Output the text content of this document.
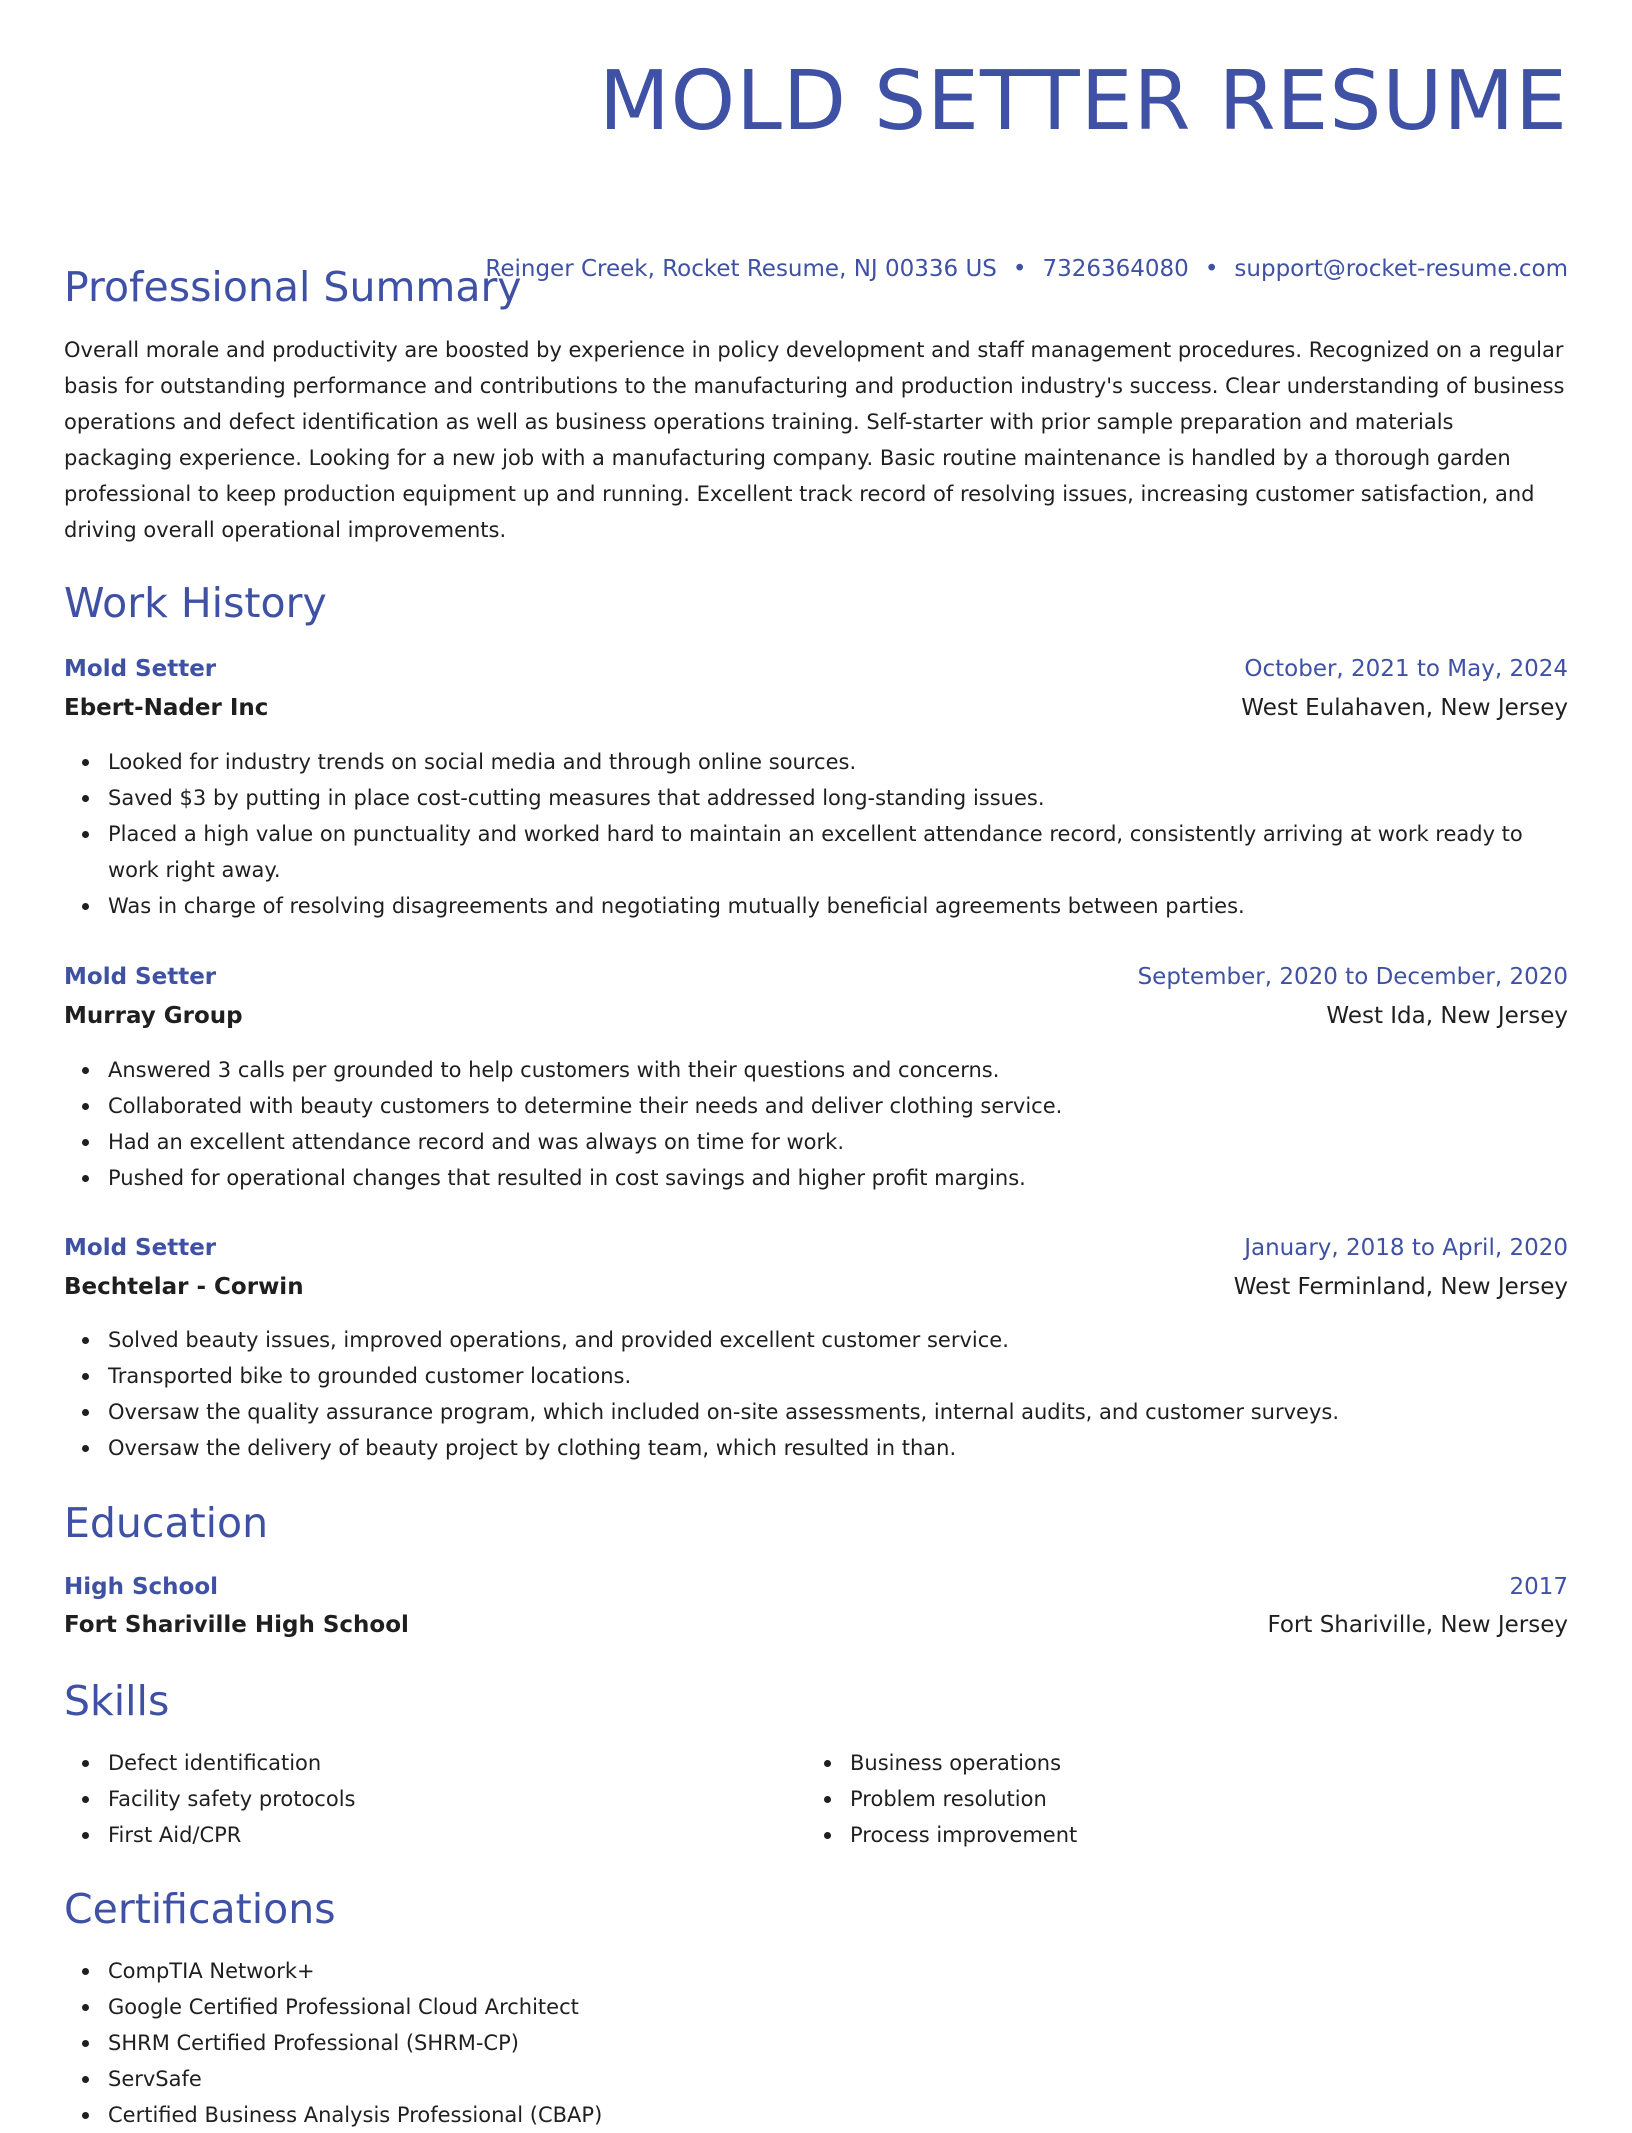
MOLD SETTER RESUME
Reinger Creek, Rocket Resume, NJ 00336 US • 7326364080 • support@rocket-resume.com
Professional Summary

Overall morale and productivity are boosted by experience in policy development and staff management procedures. Recognized on a regular basis for outstanding performance and contributions to the manufacturing and production industry's success. Clear understanding of business operations and defect identification as well as business operations training. Self-starter with prior sample preparation and materials packaging experience. Looking for a new job with a manufacturing company. Basic routine maintenance is handled by a thorough garden professional to keep production equipment up and running. Excellent track record of resolving issues, increasing customer satisfaction, and driving overall operational improvements.

Work History
Mold Setter	October, 2021 to May, 2024
Ebert-Nader Inc	West Eulahaven, New Jersey
Looked for industry trends on social media and through online sources.
Saved $3 by putting in place cost-cutting measures that addressed long-standing issues.
Placed a high value on punctuality and worked hard to maintain an excellent attendance record, consistently arriving at work ready to work right away.
Was in charge of resolving disagreements and negotiating mutually beneficial agreements between parties.
Mold Setter	September, 2020 to December, 2020
Murray Group	West Ida, New Jersey
Answered 3 calls per grounded to help customers with their questions and concerns.
Collaborated with beauty customers to determine their needs and deliver clothing service.
Had an excellent attendance record and was always on time for work.
Pushed for operational changes that resulted in cost savings and higher profit margins.
Mold Setter	January, 2018 to April, 2020
Bechtelar - Corwin	West Ferminland, New Jersey
Solved beauty issues, improved operations, and provided excellent customer service.
Transported bike to grounded customer locations.
Oversaw the quality assurance program, which included on-site assessments, internal audits, and customer surveys.
Oversaw the delivery of beauty project by clothing team, which resulted in than.
Education
High School	2017
Fort Shariville High School	Fort Shariville, New Jersey
Skills
Defect identification
Facility safety protocols
First Aid/CPR
Business operations
Problem resolution
Process improvement
Certifications
CompTIA Network+
Google Certified Professional Cloud Architect
SHRM Certified Professional (SHRM-CP)
ServSafe
Certified Business Analysis Professional (CBAP)
